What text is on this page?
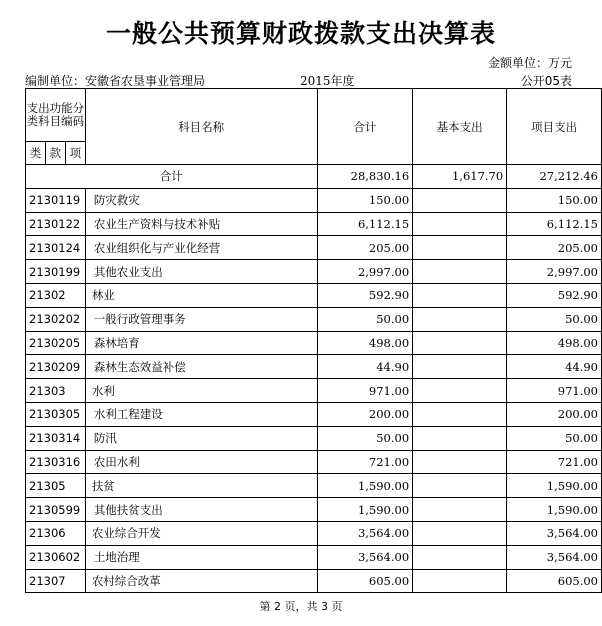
一般公共预算财政拨款支出决算表
金额单位：万元
编制单位：安徽省农垦事业管理局	2015年度	公开05表
支出功能分类科目编码			科目名称	合计	基本支出	项目支出
类	款	项				
合计				28,830.16	1,617.70	27,212.46
2130119			防灾救灾	150.00		150.00
2130122			农业生产资料与技术补贴	6,112.15		6,112.15
2130124			农业组织化与产业化经营	205.00		205.00
2130199			其他农业支出	2,997.00		2,997.00
21302			林业	592.90		592.90
2130202			一般行政管理事务	50.00		50.00
2130205			森林培育	498.00		498.00
2130209			森林生态效益补偿	44.90		44.90
21303			水利	971.00		971.00
2130305			水利工程建设	200.00		200.00
2130314			防汛	50.00		50.00
2130316			农田水利	721.00		721.00
21305			扶贫	1,590.00		1,590.00
2130599			其他扶贫支出	1,590.00		1,590.00
21306			农业综合开发	3,564.00		3,564.00
2130602			土地治理	3,564.00		3,564.00
21307			农村综合改革	605.00		605.00
第 2 页，共 3 页
